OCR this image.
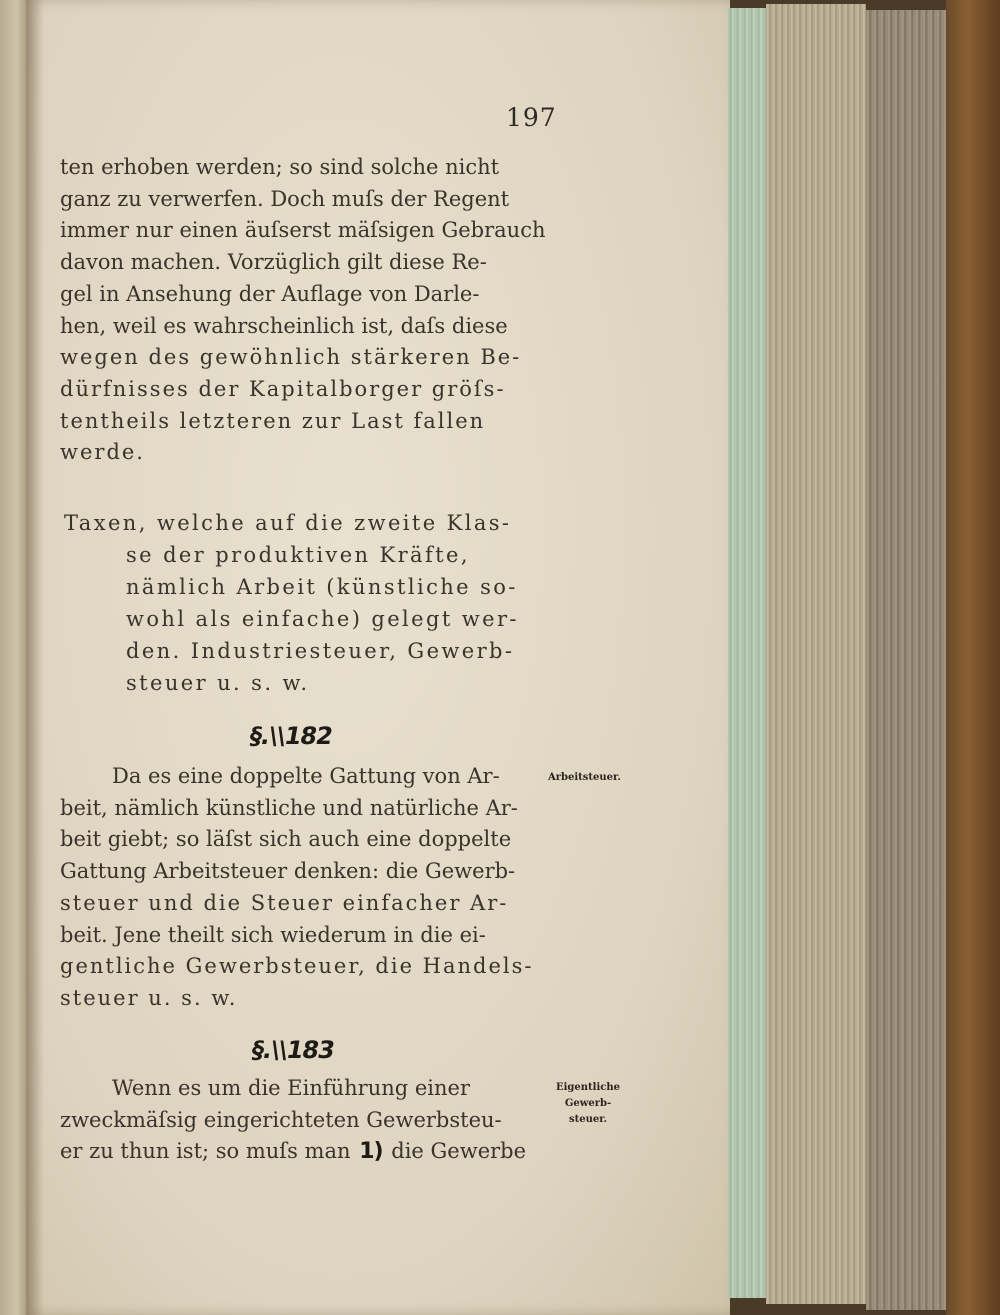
197
ten erhoben werden; so sind solche nicht
ganz zu verwerfen. Doch muſs der Regent
immer nur einen äuſserst mäſsigen Gebrauch
davon machen. Vorzüglich gilt diese Re-
gel in Ansehung der Auflage von Darle-
hen, weil es wahrscheinlich ist, daſs diese
wegen des gewöhnlich stärkeren Be-
dürfnisses der Kapitalborger gröſs-
tentheils letzteren zur Last fallen
werde.
Taxen, welche auf die zweite Klas-
se der produktiven Kräfte,
nämlich Arbeit (künstliche so-
wohl als einfache) gelegt wer-
den. Industriesteuer, Gewerb-
steuer u. s. w.
§.\\182
Da es eine doppelte Gattung von Ar-
beit, nämlich künstliche und natürliche Ar-
beit giebt; so läſst sich auch eine doppelte
Gattung Arbeitsteuer denken: die Gewerb-
steuer und die Steuer einfacher Ar-
beit. Jene theilt sich wiederum in die ei-
gentliche Gewerbsteuer, die Handels-
steuer u. s. w.
Arbeitsteuer.
§.\\183
Wenn es um die Einführung einer
zweckmäſsig eingerichteten Gewerbsteu-
er zu thun ist; so muſs man 1) die Gewerbe
Eigentliche
Gewerb-
steuer.
